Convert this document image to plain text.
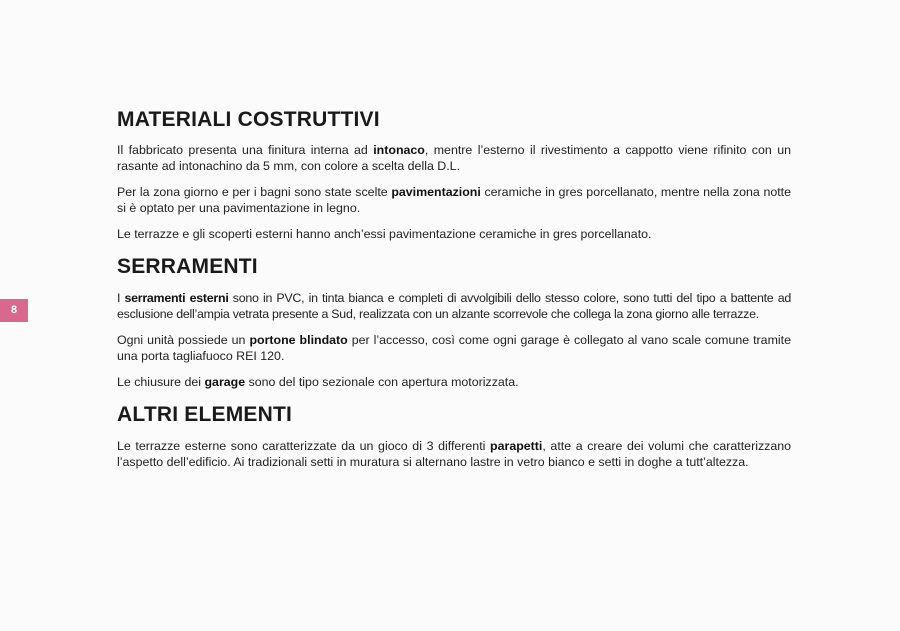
8
MATERIALI COSTRUTTIVI

Il fabbricato presenta una finitura interna ad intonaco, mentre l’esterno il rivestimento a cappotto viene rifinito con un rasante ad intonachino da 5 mm, con colore a scelta della D.L.

Per la zona giorno e per i bagni sono state scelte pavimentazioni ceramiche in gres porcellanato, mentre nella zona notte si è optato per una pavimentazione in legno.

Le terrazze e gli scoperti esterni hanno anch’essi pavimentazione ceramiche in gres porcellanato.

SERRAMENTI

I serramenti esterni sono in PVC, in tinta bianca e completi di avvolgibili dello stesso colore, sono tutti del tipo a battente ad esclusione dell’ampia vetrata presente a Sud, realizzata con un alzante scorrevole che collega la zona giorno alle terrazze.

Ogni unità possiede un portone blindato per l’accesso, così come ogni garage è collegato al vano scale comune tramite una porta tagliafuoco REI 120.

Le chiusure dei garage sono del tipo sezionale con apertura motorizzata.

ALTRI ELEMENTI

Le terrazze esterne sono caratterizzate da un gioco di 3 differenti parapetti, atte a creare dei volumi che caratterizzano l’aspetto dell’edificio. Ai tradizionali setti in muratura si alternano lastre in vetro bianco e setti in doghe a tutt’altezza.
